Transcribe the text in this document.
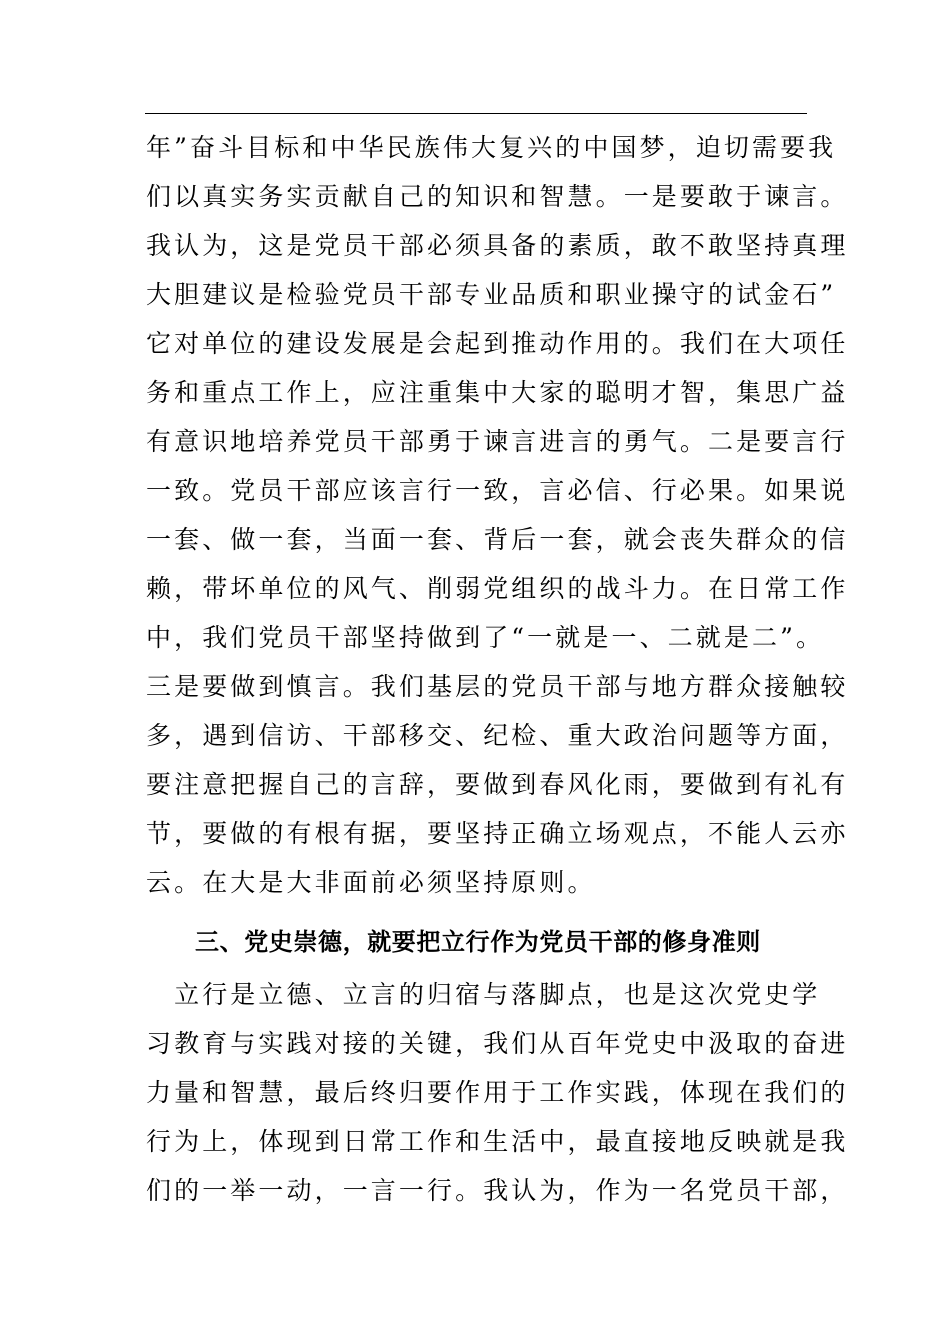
年”奋斗目标和中华民族伟大复兴的中国梦，迫切需要我
们以真实务实贡献自己的知识和智慧。一是要敢于谏言。
我认为，这是党员干部必须具备的素质，敢不敢坚持真理
大胆建议是检验党员干部专业品质和职业操守的试金石”
它对单位的建设发展是会起到推动作用的。我们在大项任
务和重点工作上，应注重集中大家的聪明才智，集思广益
有意识地培养党员干部勇于谏言进言的勇气。二是要言行
一致。党员干部应该言行一致，言必信、行必果。如果说
一套、做一套，当面一套、背后一套，就会丧失群众的信
赖，带坏单位的风气、削弱党组织的战斗力。在日常工作
中，我们党员干部坚持做到了“一就是一、二就是二”。
三是要做到慎言。我们基层的党员干部与地方群众接触较
多，遇到信访、干部移交、纪检、重大政治问题等方面，
要注意把握自己的言辞，要做到春风化雨，要做到有礼有
节，要做的有根有据，要坚持正确立场观点，不能人云亦
云。在大是大非面前必须坚持原则。
三、党史崇德，就要把立行作为党员干部的修身准则
　立行是立德、立言的归宿与落脚点，也是这次党史学
习教育与实践对接的关键，我们从百年党史中汲取的奋进
力量和智慧，最后终归要作用于工作实践，体现在我们的
行为上，体现到日常工作和生活中，最直接地反映就是我
们的一举一动，一言一行。我认为，作为一名党员干部，
